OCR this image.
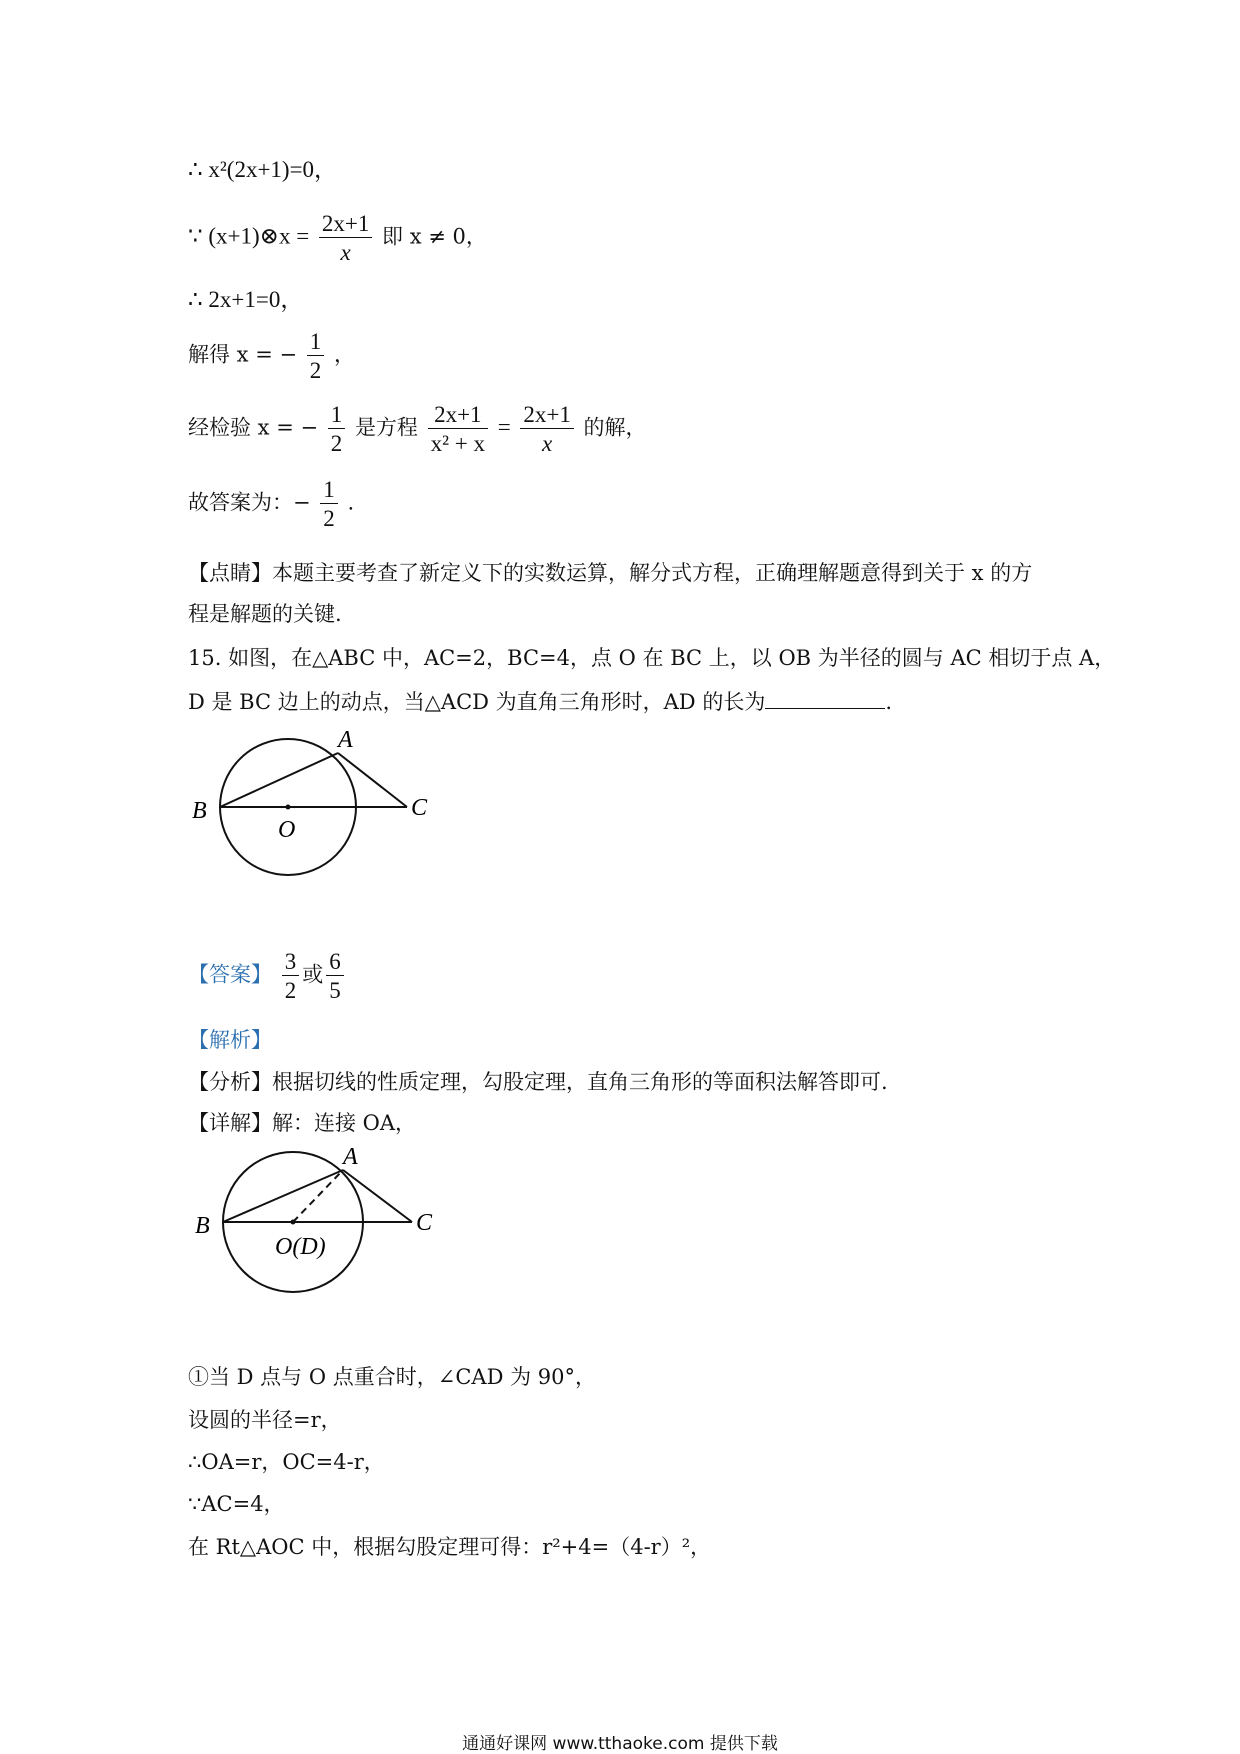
∴ x²(2x+1)=0，
∵ (x+1)⊗x = $\frac{2x+1}{x}$ 即 x ≠ 0，
∴ 2x+1=0，
解得 x = − $\frac{1}{2}$ ，
经检验 x = − $\frac{1}{2}$ 是方程 $\frac{2x+1}{\text{x² + x}} = \frac{2x+1}{x}$ 的解，
故答案为：− $\frac{1}{2}$ .
【点睛】本题主要考查了新定义下的实数运算，解分式方程，正确理解题意得到关于 x 的方
程是解题的关键.
15. 如图，在△ABC 中，AC=2，BC=4，点 O 在 BC 上，以 OB 为半径的圆与 AC 相切于点 A，
D 是 BC 边上的动点，当△ACD 为直角三角形时，AD 的长为	.
A
B	C
O
【答案】 $\frac{3}{2}$ 或 $\frac{6}{5}$
【解析】
【分析】根据切线的性质定理，勾股定理，直角三角形的等面积法解答即可.
【详解】解：连接 OA，
A
B	C
O(D)
①当 D 点与 O 点重合时，∠CAD 为 90°，
设圆的半径=r，
∴OA=r，OC=4-r，
∵AC=4，
在 Rt△AOC 中，根据勾股定理可得：r²+4=（4-r）²，
通通好课网 www.tthaoke.com 提供下载
